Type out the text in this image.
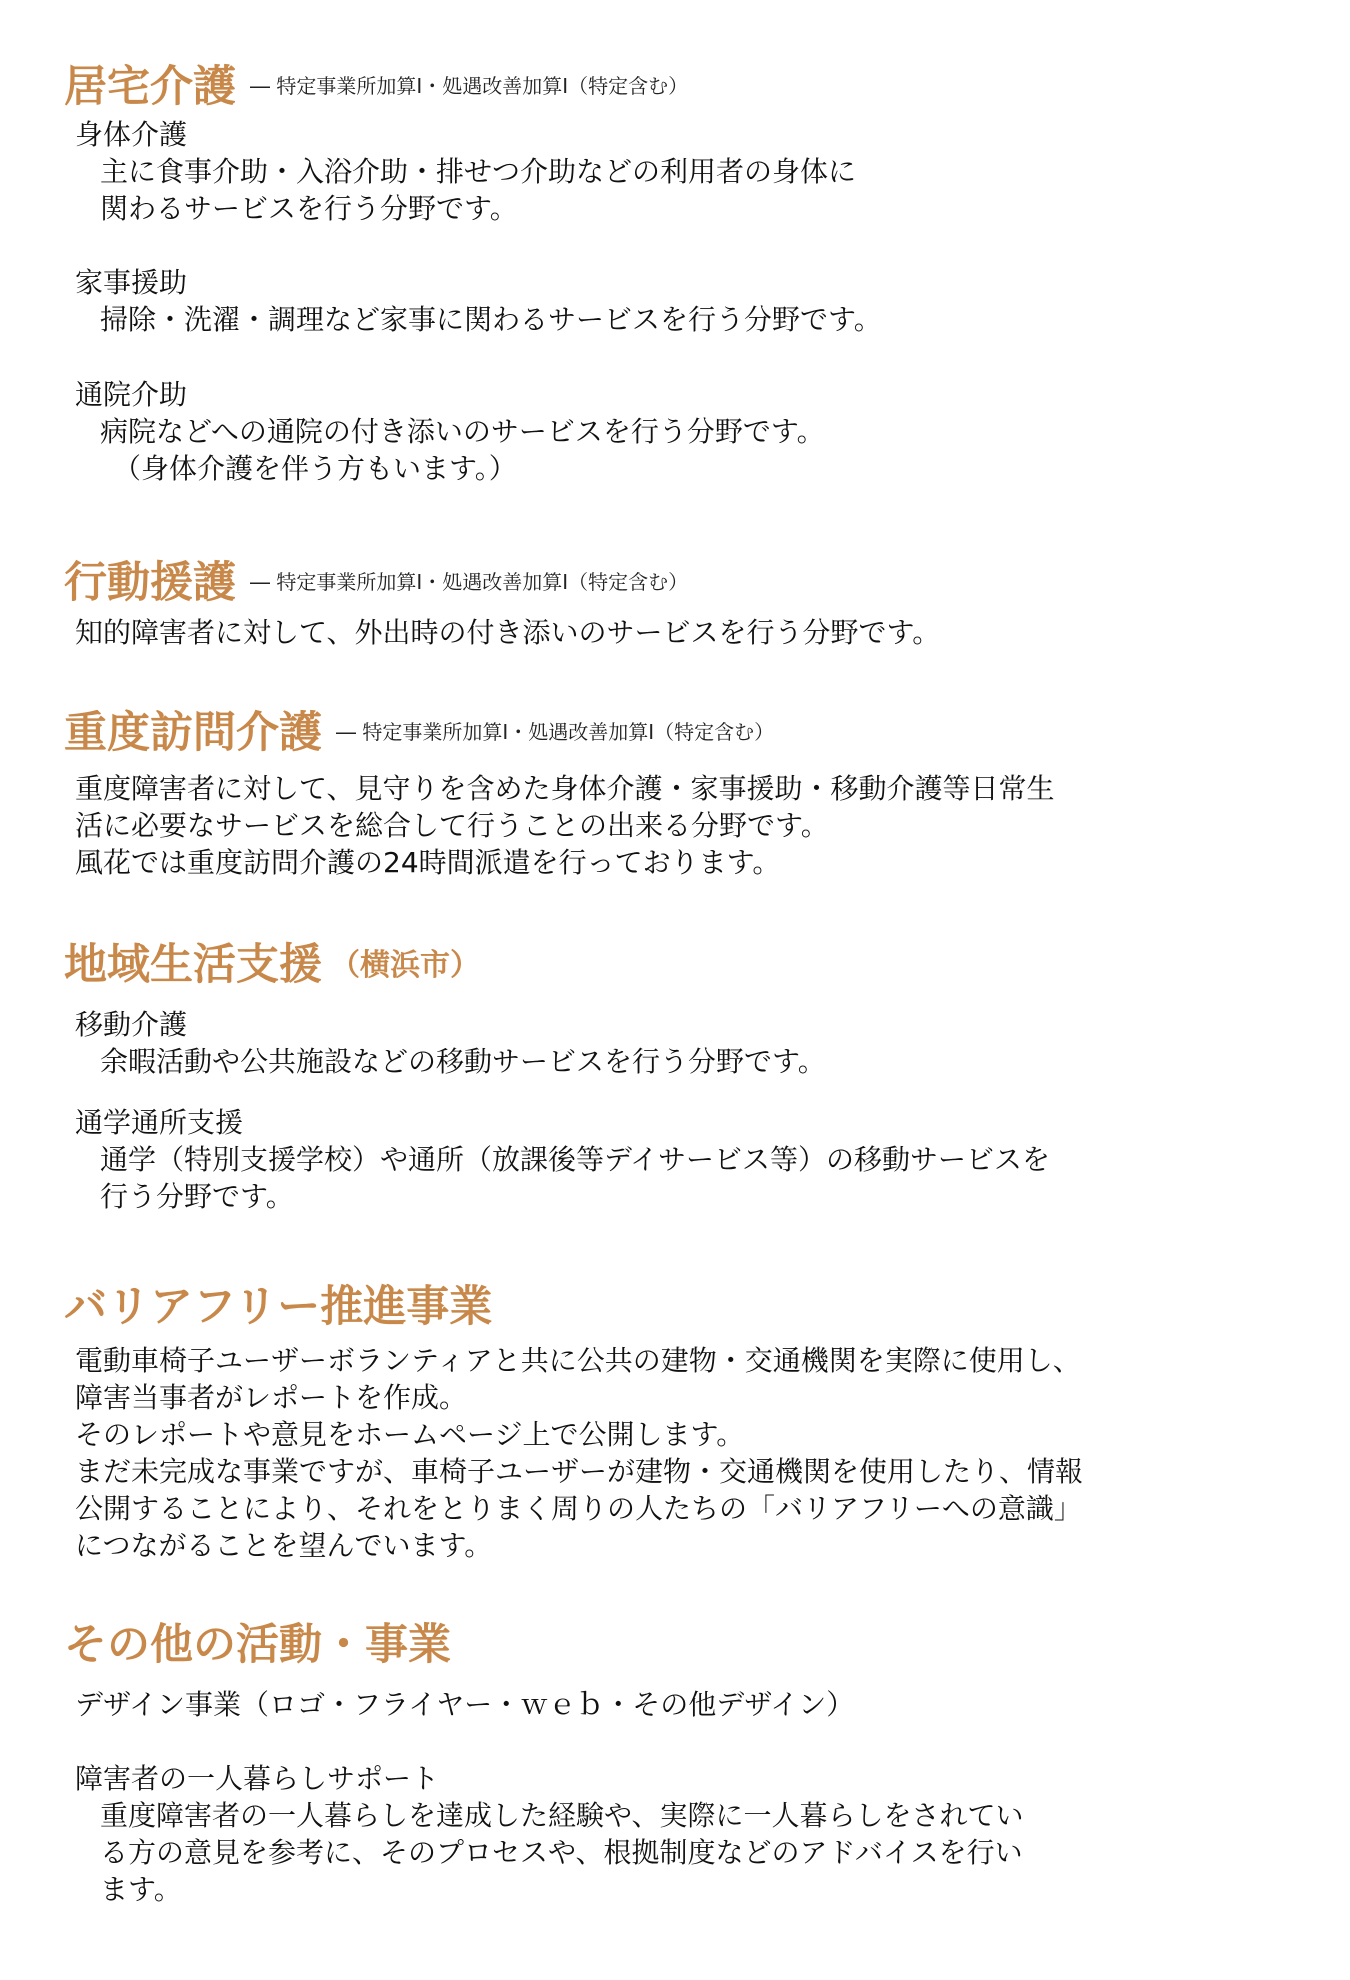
居宅介護 ― 特定事業所加算Ⅰ・処遇改善加算Ⅰ（特定含む）
身体介護
主に食事介助・入浴介助・排せつ介助などの利用者の身体に
関わるサービスを行う分野です。
家事援助
掃除・洗濯・調理など家事に関わるサービスを行う分野です。
通院介助
病院などへの通院の付き添いのサービスを行う分野です。
（身体介護を伴う方もいます。）
行動援護 ― 特定事業所加算Ⅰ・処遇改善加算Ⅰ（特定含む）
知的障害者に対して、外出時の付き添いのサービスを行う分野です。
重度訪問介護 ― 特定事業所加算Ⅰ・処遇改善加算Ⅰ（特定含む）
重度障害者に対して、見守りを含めた身体介護・家事援助・移動介護等日常生
活に必要なサービスを総合して行うことの出来る分野です。
風花では重度訪問介護の24時間派遣を行っております。
地域生活支援 （横浜市）
移動介護
余暇活動や公共施設などの移動サービスを行う分野です。
通学通所支援
通学（特別支援学校）や通所（放課後等デイサービス等）の移動サービスを
行う分野です。
バリアフリー推進事業
電動車椅子ユーザーボランティアと共に公共の建物・交通機関を実際に使用し、
障害当事者がレポートを作成。
そのレポートや意見をホームページ上で公開します。
まだ未完成な事業ですが、車椅子ユーザーが建物・交通機関を使用したり、情報
公開することにより、それをとりまく周りの人たちの「バリアフリーへの意識」
につながることを望んでいます。
その他の活動・事業
デザイン事業（ロゴ・フライヤー・ｗｅｂ・その他デザイン）
障害者の一人暮らしサポート
重度障害者の一人暮らしを達成した経験や、実際に一人暮らしをされてい
る方の意見を参考に、そのプロセスや、根拠制度などのアドバイスを行い
ます。
